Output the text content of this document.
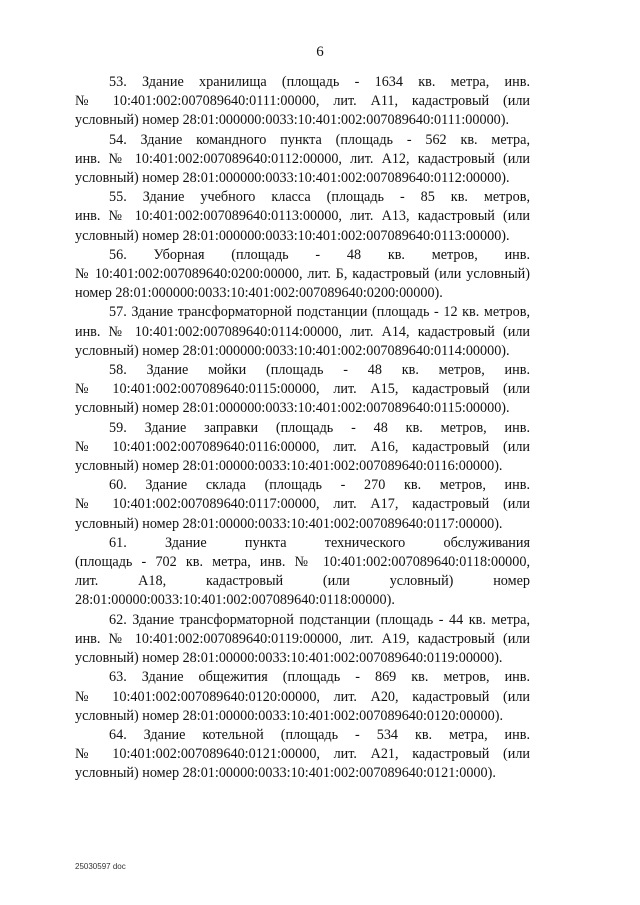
6
53. Здание хранилища (площадь - 1634 кв. метра, инв.
№ 10:401:002:007089640:0111:00000, лит. А11, кадастровый (или
условный) номер 28:01:000000:0033:10:401:002:007089640:0111:00000).
54. Здание командного пункта (площадь - 562 кв. метра,
инв. № 10:401:002:007089640:0112:00000, лит. А12, кадастровый (или
условный) номер 28:01:000000:0033:10:401:002:007089640:0112:00000).
55. Здание учебного класса (площадь - 85 кв. метров,
инв. № 10:401:002:007089640:0113:00000, лит. А13, кадастровый (или
условный) номер 28:01:000000:0033:10:401:002:007089640:0113:00000).
56. Уборная (площадь - 48 кв. метров, инв.
№ 10:401:002:007089640:0200:00000, лит. Б, кадастровый (или условный)
номер 28:01:000000:0033:10:401:002:007089640:0200:00000).
57. Здание трансформаторной подстанции (площадь - 12 кв. метров,
инв. № 10:401:002:007089640:0114:00000, лит. А14, кадастровый (или
условный) номер 28:01:000000:0033:10:401:002:007089640:0114:00000).
58. Здание мойки (площадь - 48 кв. метров, инв.
№ 10:401:002:007089640:0115:00000, лит. А15, кадастровый (или
условный) номер 28:01:000000:0033:10:401:002:007089640:0115:00000).
59. Здание заправки (площадь - 48 кв. метров, инв.
№ 10:401:002:007089640:0116:00000, лит. А16, кадастровый (или
условный) номер 28:01:00000:0033:10:401:002:007089640:0116:00000).
60. Здание склада (площадь - 270 кв. метров, инв.
№ 10:401:002:007089640:0117:00000, лит. А17, кадастровый (или
условный) номер 28:01:00000:0033:10:401:002:007089640:0117:00000).
61. Здание пункта технического обслуживания
(площадь - 702 кв. метра, инв. № 10:401:002:007089640:0118:00000,
лит. А18, кадастровый (или условный) номер
28:01:00000:0033:10:401:002:007089640:0118:00000).
62. Здание трансформаторной подстанции (площадь - 44 кв. метра,
инв. № 10:401:002:007089640:0119:00000, лит. А19, кадастровый (или
условный) номер 28:01:00000:0033:10:401:002:007089640:0119:00000).
63. Здание общежития (площадь - 869 кв. метров, инв.
№ 10:401:002:007089640:0120:00000, лит. А20, кадастровый (или
условный) номер 28:01:00000:0033:10:401:002:007089640:0120:00000).
64. Здание котельной (площадь - 534 кв. метра, инв.
№ 10:401:002:007089640:0121:00000, лит. А21, кадастровый (или
условный) номер 28:01:00000:0033:10:401:002:007089640:0121:0000).
25030597 doc
